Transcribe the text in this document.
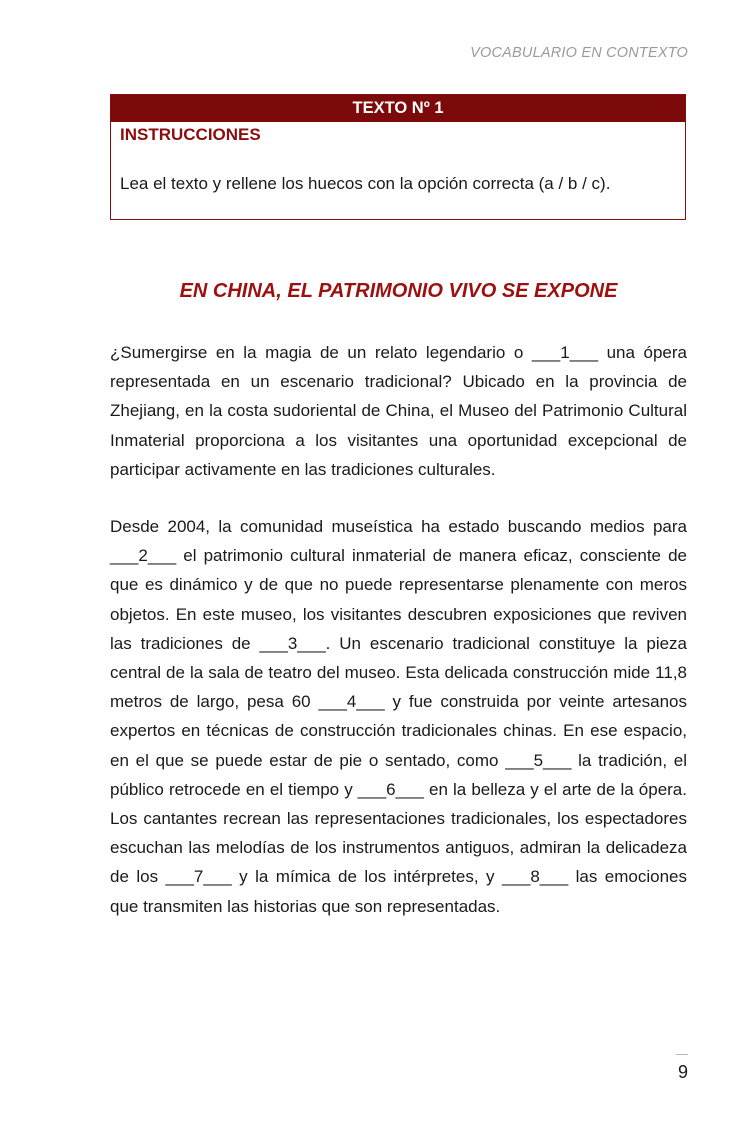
VOCABULARIO EN CONTEXTO
TEXTO Nº 1
INSTRUCCIONES
Lea el texto y rellene los huecos con la opción correcta (a / b / c).
EN CHINA, EL PATRIMONIO VIVO SE EXPONE

¿Sumergirse en la magia de un relato legendario o ___1___ una ópera representada en un escenario tradicional? Ubicado en la provincia de Zhejiang, en la costa sudoriental de China, el Museo del Patrimonio Cultural Inmaterial proporciona a los visitantes una oportunidad excepcional de participar activamente en las tradiciones culturales.

Desde 2004, la comunidad museística ha estado buscando medios para ___2___ el patrimonio cultural inmaterial de manera eficaz, consciente de que es dinámico y de que no puede representarse plenamente con meros objetos. En este museo, los visitantes descubren exposiciones que reviven las tradiciones de ___3___. Un escenario tradicional constituye la pieza central de la sala de teatro del museo. Esta delicada construcción mide 11,8 metros de largo, pesa 60 ___4___ y fue construida por veinte artesanos expertos en técnicas de construcción tradicionales chinas. En ese espacio, en el que se puede estar de pie o sentado, como ___5___ la tradición, el público retrocede en el tiempo y ___6___ en la belleza y el arte de la ópera. Los cantantes recrean las representaciones tradicionales, los espectadores escuchan las melodías de los instrumentos antiguos, admiran la delicadeza de los ___7___ y la mímica de los intérpretes, y ___8___ las emociones que transmiten las historias que son representadas.

9
